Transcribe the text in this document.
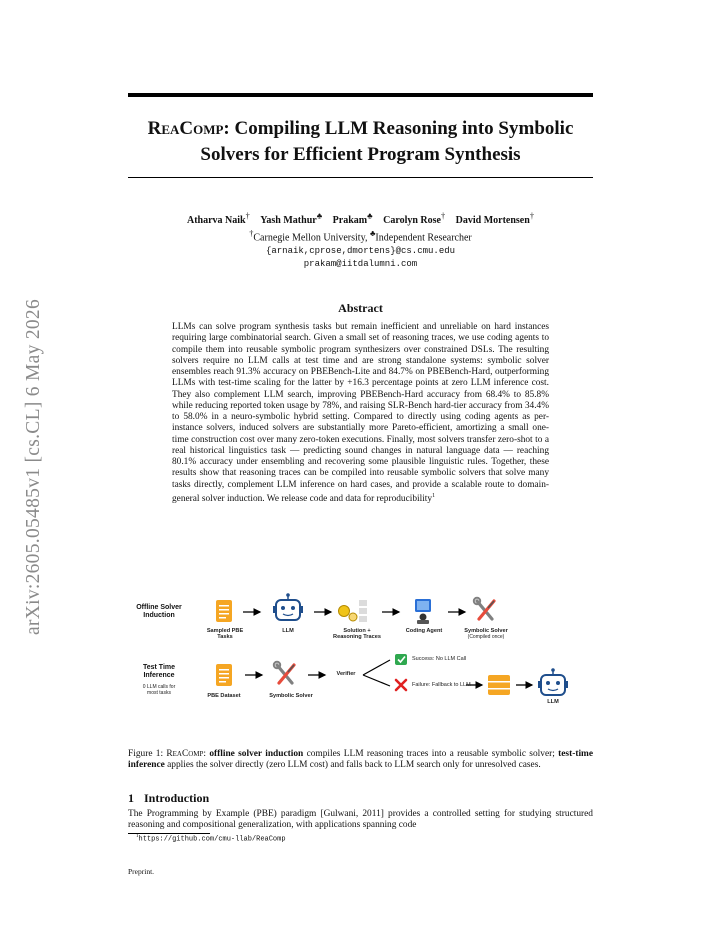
arXiv:2605.05485v1 [cs.CL] 6 May 2026
ReaComp: Compiling LLM Reasoning into Symbolic
Solvers for Efficient Program Synthesis
Atharva Naik† Yash Mathur♣ Prakam♣ Carolyn Rose† David Mortensen†
†Carnegie Mellon University, ♣Independent Researcher
{arnaik,cprose,dmortens}@cs.cmu.edu
prakam@iitdalumni.com
Abstract
LLMs can solve program synthesis tasks but remain inefficient and unreliable on hard instances requiring large combinatorial search. Given a small set of reasoning traces, we use coding agents to compile them into reusable symbolic program synthesizers over constrained DSLs. The resulting solvers require no LLM calls at test time and are strong standalone systems: symbolic solver ensembles reach 91.3% accuracy on PBEBench-Lite and 84.7% on PBEBench-Hard, outperforming LLMs with test-time scaling for the latter by +16.3 percentage points at zero LLM inference cost. They also complement LLM search, improving PBEBench-Hard accuracy from 68.4% to 85.8% while reducing reported token usage by 78%, and raising SLR-Bench hard-tier accuracy from 34.4% to 58.0% in a neuro-symbolic hybrid setting. Compared to directly using coding agents as per-instance solvers, induced solvers are substantially more Pareto-efficient, amortizing a small one-time construction cost over many zero-token executions. Finally, most solvers transfer zero-shot to a real historical linguistics task — predicting sound changes in natural language data — reaching 80.1% accuracy under ensembling and recovering some plausible linguistic rules. Together, these results show that reasoning traces can be compiled into reusable symbolic solvers that solve many tasks directly, complement LLM inference on hard cases, and provide a scalable route to domain-general solver induction. We release code and data for reproducibility$^1$
Offline Solver
Induction
Sampled PBE
Tasks
LLM	Solution +
Reasoning Traces
Coding Agent	Symbolic Solver
(Compiled once)
Test Time
Inference
0 LLM calls for
most tasks	PBE Dataset	Symbolic Solver
Verifier
Success: No LLM Call
Failure: Fallback to LLM
LLM
Figure 1: ReaComp: offline solver induction compiles LLM reasoning traces into a reusable symbolic solver; test-time inference applies the solver directly (zero LLM cost) and falls back to LLM search only for unresolved cases.
1 Introduction
The Programming by Example (PBE) paradigm [Gulwani, 2011] provides a controlled setting for studying structured reasoning and compositional generalization, with applications spanning code
$^1$https://github.com/cmu-llab/ReaComp
Preprint.
